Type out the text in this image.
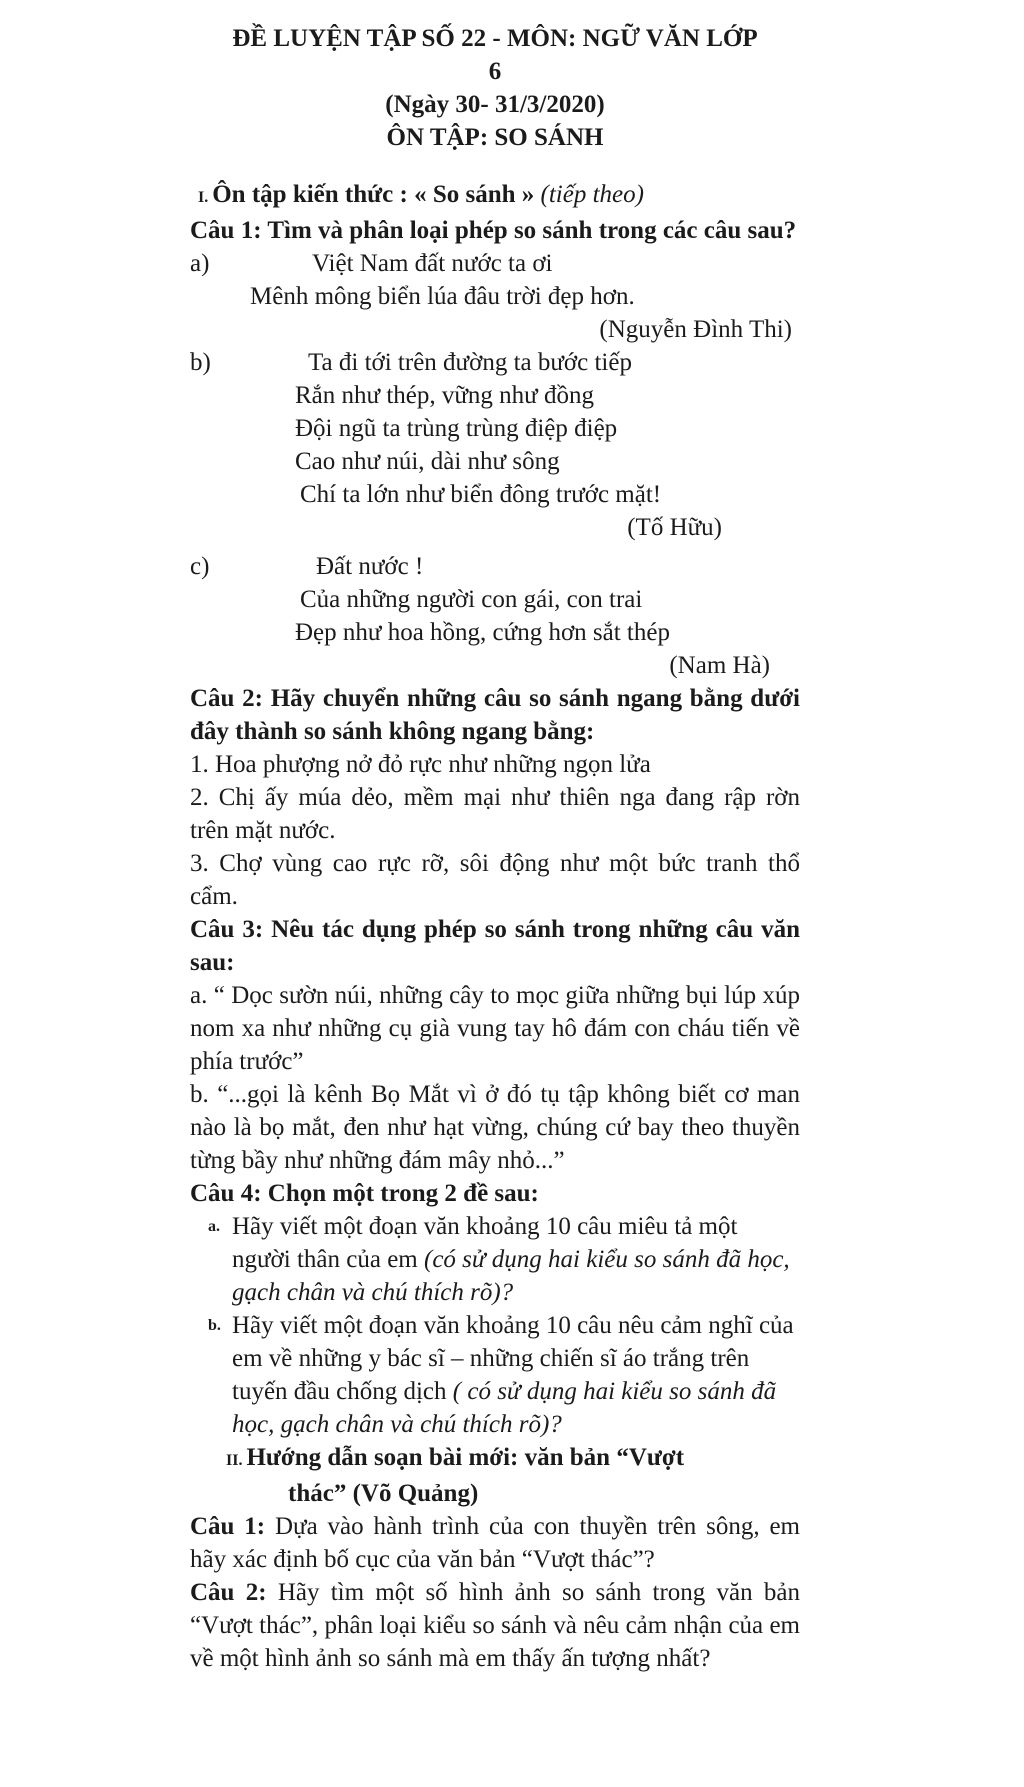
ĐỀ LUYỆN TẬP SỐ 22 - MÔN: NGỮ VĂN LỚP

6

(Ngày 30- 31/3/2020)

ÔN TẬP: SO SÁNH

I. Ôn tập kiến thức : « So sánh » (tiếp theo)

Câu 1: Tìm và phân loại phép so sánh trong các câu sau?

a)	Việt Nam đất nước ta ơi

Mênh mông biển lúa đâu trời đẹp hơn.

(Nguyễn Đình Thi)

b)	Ta đi tới trên đường ta bước tiếp

Rắn như thép, vững như đồng

Đội ngũ ta trùng trùng điệp điệp

Cao như núi, dài như sông

Chí ta lớn như biển đông trước mặt!

(Tố Hữu)

c)	Đất nước !

Của những người con gái, con trai

Đẹp như hoa hồng, cứng hơn sắt thép

(Nam Hà)

Câu 2: Hãy chuyển những câu so sánh ngang bằng dưới đây thành so sánh không ngang bằng:

1. Hoa phượng nở đỏ rực như những ngọn lửa

2. Chị ấy múa dẻo, mềm mại như thiên nga đang rập rờn trên mặt nước.

3. Chợ vùng cao rực rỡ, sôi động như một bức tranh thổ cẩm.

Câu 3: Nêu tác dụng phép so sánh trong những câu văn sau:

a. “ Dọc sườn núi, những cây to mọc giữa những bụi lúp xúp nom xa như những cụ già vung tay hô đám con cháu tiến về phía trước”

b. “...gọi là kênh Bọ Mắt vì ở đó tụ tập không biết cơ man nào là bọ mắt, đen như hạt vừng, chúng cứ bay theo thuyền từng bầy như những đám mây nhỏ...”

Câu 4: Chọn một trong 2 đề sau:

a. Hãy viết một đoạn văn khoảng 10 câu miêu tả một người thân của em (có sử dụng hai kiểu so sánh đã học, gạch chân và chú thích rõ)?
b. Hãy viết một đoạn văn khoảng 10 câu nêu cảm nghĩ của em về những y bác sĩ – những chiến sĩ áo trắng trên tuyến đầu chống dịch ( có sử dụng hai kiểu so sánh đã học, gạch chân và chú thích rõ)?

II. Hướng dẫn soạn bài mới: văn bản “Vượt

thác” (Võ Quảng)

Câu 1: Dựa vào hành trình của con thuyền trên sông, em hãy xác định bố cục của văn bản “Vượt thác”?

Câu 2: Hãy tìm một số hình ảnh so sánh trong văn bản “Vượt thác”, phân loại kiểu so sánh và nêu cảm nhận của em về một hình ảnh so sánh mà em thấy ấn tượng nhất?
